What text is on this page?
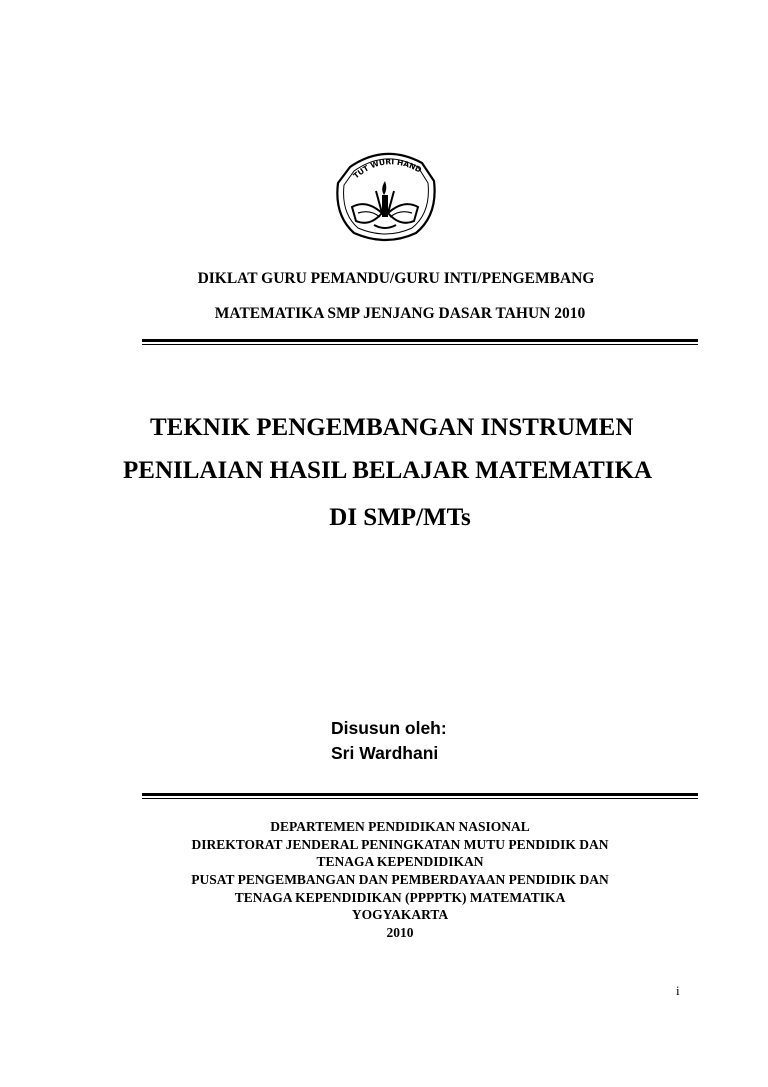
TUT WURI HAND
DIKLAT GURU PEMANDU/GURU INTI/PENGEMBANG
MATEMATIKA SMP JENJANG DASAR TAHUN 2010
TEKNIK PENGEMBANGAN INSTRUMEN
PENILAIAN HASIL BELAJAR MATEMATIKA
DI SMP/MTs
Disusun oleh:
Sri Wardhani
DEPARTEMEN PENDIDIKAN NASIONAL
DIREKTORAT JENDERAL PENINGKATAN MUTU PENDIDIK DAN
TENAGA KEPENDIDIKAN
PUSAT PENGEMBANGAN DAN PEMBERDAYAAN PENDIDIK DAN
TENAGA KEPENDIDIKAN (PPPPTK) MATEMATIKA
YOGYAKARTA
2010
i
